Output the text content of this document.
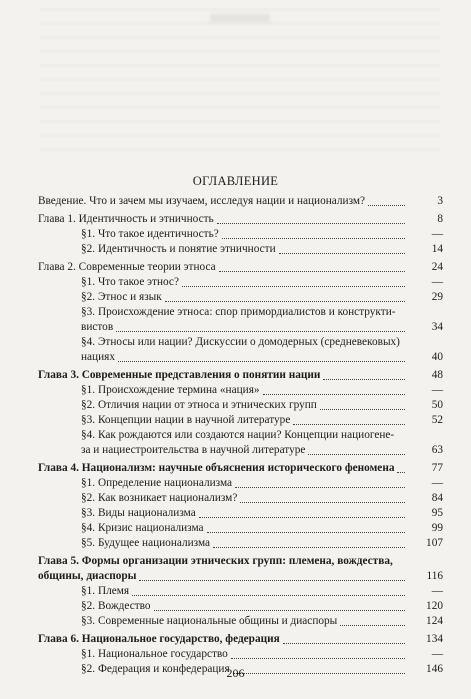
ОГЛАВЛЕНИЕ
Введение. Что и зачем мы изучаем, исследуя нации и национализм?	3
Глава 1. Идентичность и этничность	8
§1. Что такое идентичность?	—
§2. Идентичность и понятие этничности	14
Глава 2. Современные теории этноса	24
§1. Что такое этнос?	—
§2. Этнос и язык	29
§3. Происхождение этноса: спор примордиалистов и конструкти-вистов	34
§4. Этносы или нации? Дискуссии о домодерных (средневековых) нациях	40
Глава 3. Современные представления о понятии нации	48
§1. Происхождение термина «нация»	—
§2. Отличия нации от этноса и этнических групп	50
§3. Концепции нации в научной литературе	52
§4. Как рождаются или создаются нации? Концепции нациогене-за и нациестроительства в научной литературе	63
Глава 4. Национализм: научные объяснения исторического феномена	77
§1. Определение национализма	—
§2. Как возникает национализм?	84
§3. Виды национализма	95
§4. Кризис национализма	99
§5. Будущее национализма	107
Глава 5. Формы организации этнических групп: племена, вождества, общины, диаспоры	116
§1. Племя	—
§2. Вождество	120
§3. Современные национальные общины и диаспоры	124
Глава 6. Национальное государство, федерация	134
§1. Национальное государство	—
§2. Федерация и конфедерация	146
206
